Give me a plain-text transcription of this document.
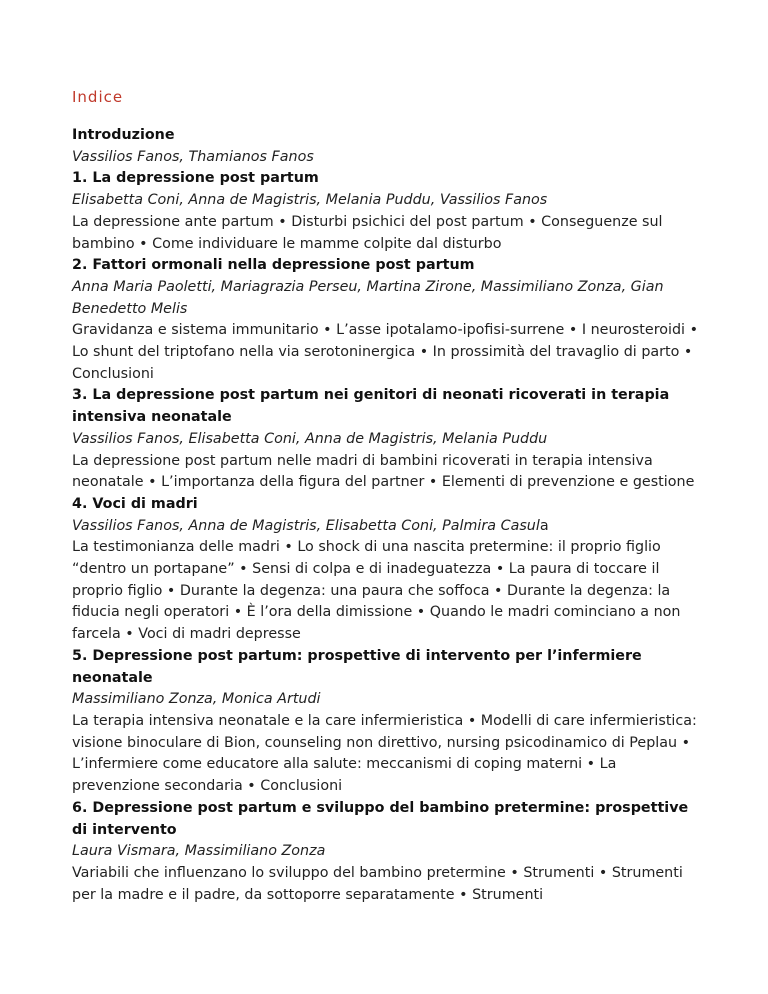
Indice

Introduzione

Vassilios Fanos, Thamianos Fanos

1. La depressione post partum

Elisabetta Coni, Anna de Magistris, Melania Puddu, Vassilios Fanos

La depressione ante partum • Disturbi psichici del post partum • Conseguenze sul bambino • Come individuare le mamme colpite dal disturbo

2. Fattori ormonali nella depressione post partum

Anna Maria Paoletti, Mariagrazia Perseu, Martina Zirone, Massimiliano Zonza, Gian Benedetto Melis

Gravidanza e sistema immunitario • L’asse ipotalamo-ipofisi-surrene • I neurosteroidi • Lo shunt del triptofano nella via serotoninergica • In prossimità del travaglio di parto • Conclusioni

3. La depressione post partum nei genitori di neonati ricoverati in terapia intensiva neonatale

Vassilios Fanos, Elisabetta Coni, Anna de Magistris, Melania Puddu

La depressione post partum nelle madri di bambini ricoverati in terapia intensiva neonatale • L’importanza della figura del partner • Elementi di prevenzione e gestione

4. Voci di madri

Vassilios Fanos, Anna de Magistris, Elisabetta Coni, Palmira Casula

La testimonianza delle madri • Lo shock di una nascita pretermine: il proprio figlio “dentro un portapane” • Sensi di colpa e di inadeguatezza • La paura di toccare il proprio figlio • Durante la degenza: una paura che soffoca • Durante la degenza: la fiducia negli operatori • È l’ora della dimissione • Quando le madri cominciano a non farcela • Voci di madri depresse

5. Depressione post partum: prospettive di intervento per l’infermiere neonatale

Massimiliano Zonza, Monica Artudi

La terapia intensiva neonatale e la care infermieristica • Modelli di care infermieristica: visione binoculare di Bion, counseling non direttivo, nursing psicodinamico di Peplau • L’infermiere come educatore alla salute: meccanismi di coping materni • La prevenzione secondaria • Conclusioni

6. Depressione post partum e sviluppo del bambino pretermine: prospettive di intervento

Laura Vismara, Massimiliano Zonza

Variabili che influenzano lo sviluppo del bambino pretermine • Strumenti • Strumenti per la madre e il padre, da sottoporre separatamente • Strumenti
